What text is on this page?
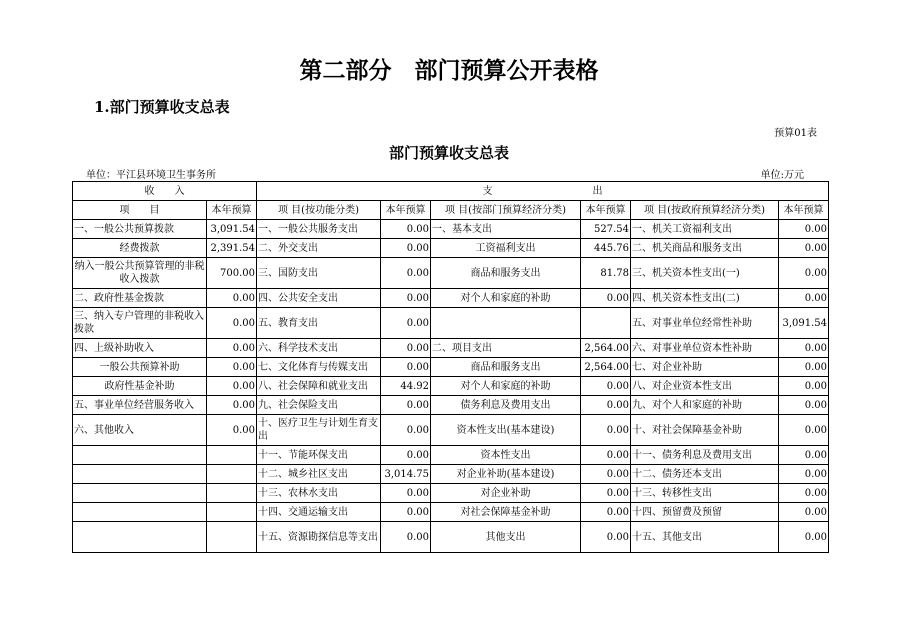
第二部分　部门预算公开表格
1.部门预算收支总表
预算01表
部门预算收支总表
单位：平江县环境卫生事务所	单位:万元
收　　入		支　　　　　　　　　　出					
项　　目	本年预算	项 目(按功能分类)	本年预算	项 目(按部门预算经济分类)	本年预算	项 目(按政府预算经济分类)	本年预算
一、一般公共预算拨款	3,091.54	一、一般公共服务支出	0.00	一、基本支出	527.54	一、机关工资福利支出	0.00
经费拨款	2,391.54	二、外交支出	0.00	工资福利支出	445.76	二、机关商品和服务支出	0.00
纳入一般公共预算管理的非税收入拨款	700.00	三、国防支出	0.00	商品和服务支出	81.78	三、机关资本性支出(一)	0.00
二、政府性基金拨款	0.00	四、公共安全支出	0.00	对个人和家庭的补助	0.00	四、机关资本性支出(二)	0.00
三、纳入专户管理的非税收入拨款	0.00	五、教育支出	0.00			五、对事业单位经常性补助	3,091.54
四、上级补助收入	0.00	六、科学技术支出	0.00	二、项目支出	2,564.00	六、对事业单位资本性补助	0.00
一般公共预算补助	0.00	七、文化体育与传媒支出	0.00	商品和服务支出	2,564.00	七、对企业补助	0.00
政府性基金补助	0.00	八、社会保障和就业支出	44.92	对个人和家庭的补助	0.00	八、对企业资本性支出	0.00
五、事业单位经营服务收入	0.00	九、社会保险支出	0.00	债务利息及费用支出	0.00	九、对个人和家庭的补助	0.00
六、其他收入	0.00	十、医疗卫生与计划生育支出	0.00	资本性支出(基本建设)	0.00	十、对社会保障基金补助	0.00
		十一、节能环保支出	0.00	资本性支出	0.00	十一、债务利息及费用支出	0.00
		十二、城乡社区支出	3,014.75	对企业补助(基本建设)	0.00	十二、债务还本支出	0.00
		十三、农林水支出	0.00	对企业补助	0.00	十三、转移性支出	0.00
		十四、交通运输支出	0.00	对社会保障基金补助	0.00	十四、预留费及预留	0.00
		十五、资源勘探信息等支出	0.00	其他支出	0.00	十五、其他支出	0.00
